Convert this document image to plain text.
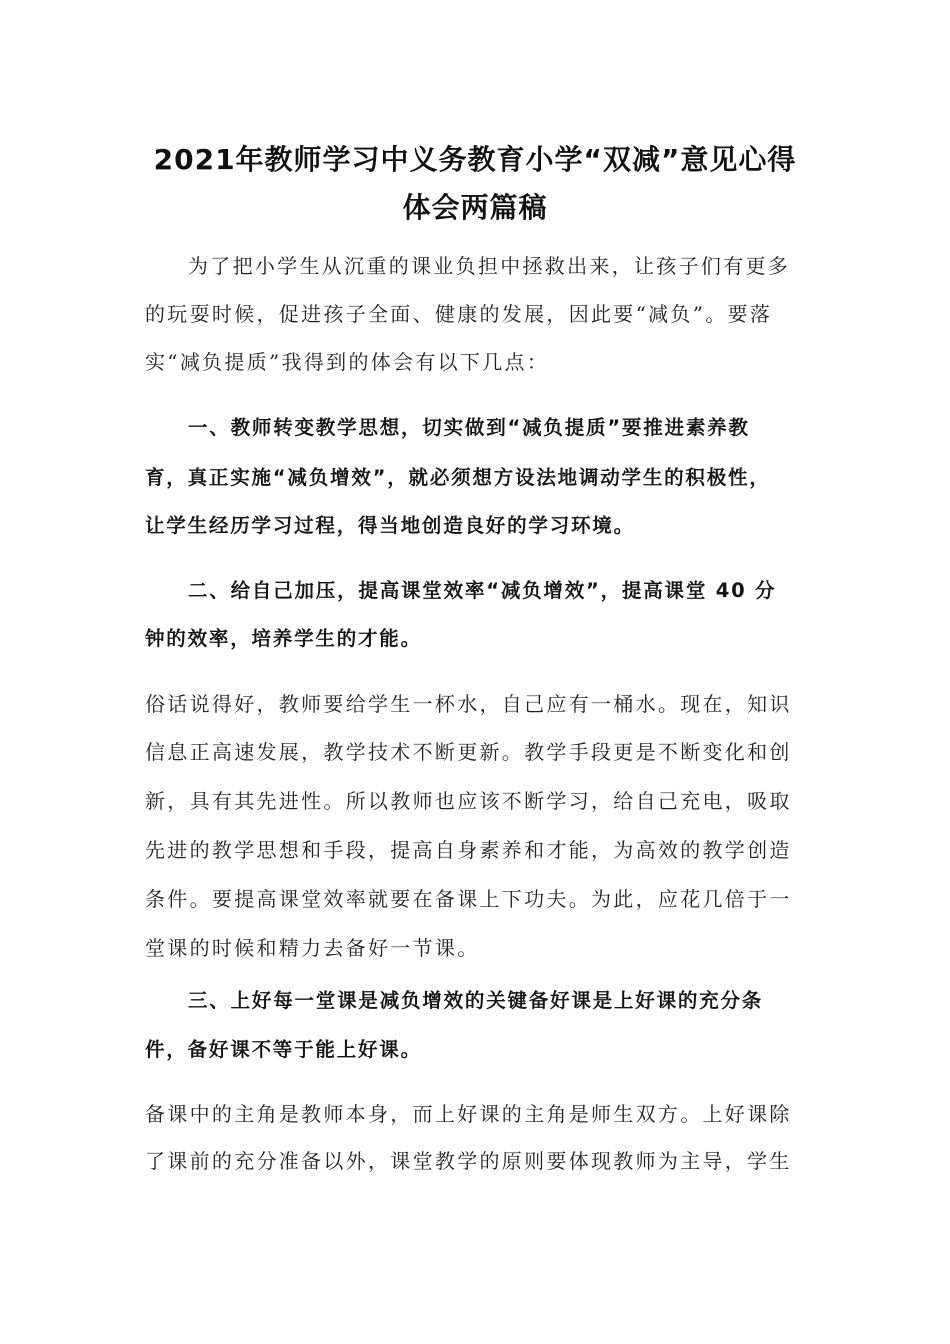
2021年教师学习中义务教育小学“双减”意见心得
体会两篇稿
为了把小学生从沉重的课业负担中拯救出来，让孩子们有更多
的玩耍时候，促进孩子全面、健康的发展，因此要“减负”。要落
实“减负提质”我得到的体会有以下几点：
一、教师转变教学思想，切实做到“减负提质”要推进素养教
育，真正实施“减负增效”，就必须想方设法地调动学生的积极性，
让学生经历学习过程，得当地创造良好的学习环境。
二、给自己加压，提高课堂效率“减负增效”，提高课堂 40 分
钟的效率，培养学生的才能。
俗话说得好，教师要给学生一杯水，自己应有一桶水。现在，知识
信息正高速发展，教学技术不断更新。教学手段更是不断变化和创
新，具有其先进性。所以教师也应该不断学习，给自己充电，吸取
先进的教学思想和手段，提高自身素养和才能，为高效的教学创造
条件。要提高课堂效率就要在备课上下功夫。为此，应花几倍于一
堂课的时候和精力去备好一节课。
三、上好每一堂课是减负增效的关键备好课是上好课的充分条
件，备好课不等于能上好课。
备课中的主角是教师本身，而上好课的主角是师生双方。上好课除
了课前的充分准备以外，课堂教学的原则要体现教师为主导，学生
